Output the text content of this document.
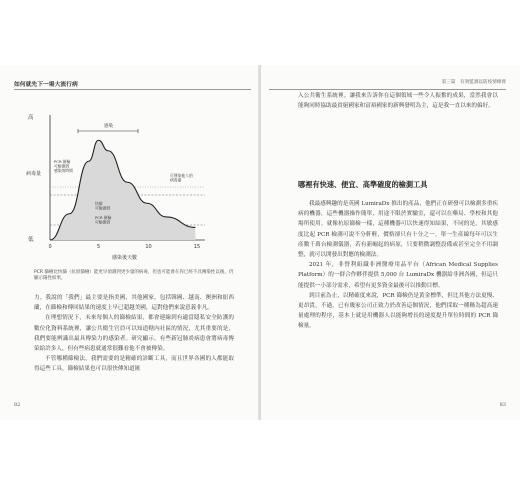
如何就先下一場大流行病
高
病毒量
低
感染
PCR 篩檢可檢測到感染的時間
快篩可檢測到
PCR 篩檢可檢測到
可傳染他人的病毒量
0	5	10	15
感染後天數
PCR 篩檢比快篩（抗原篩檢）能更早偵測到更少量的病毒，但也可能會在你已經不具傳染性以後，仍顯示陽性結果。

力。我說的「我們」最主要是指美國，其他國家，包括韓國、越南、澳洲和紐西蘭，在篩檢和傳回結果的速度上早已超越美國，這對他們來說意義非凡。

在理想情況下，未來每個人的篩檢結果，都會連線到有適當隱私安全防護的數位化資料系統裡，讓公共衛生官員可以知道轄內社區的情況，尤其重要的是，我們要能辨識出最具傳染力的感染者。研究顯示，有些新冠肺炎病患會將病毒傳染給許多人，但有些病患就通常很難看他不會被傳染。

不管哪種篩檢法，我們需要的是精確的診斷工具，而且世界各國的人都能取得這些工具，篩檢結果也可以很快傳知道匯

82
第三篇　有效監測以防疫情爆發

入公共衛生系統裡。讓我來告訴你在這個領域一些令人振奮的成果，當然我會以能夠同時協助最貧窮國家和富裕國家的新興發明為主，這是我一直以來的偏好。

哪裡有快速、便宜、高準確度的檢測工具

我最感興趣的是英國 LumiraDx 推出的產品，他們正在研發可以檢測多重疾病的機器，這些機器操作簡單，用途不限於實驗室，還可以在藥局、學校和其他場所使用。就像抗原篩檢一樣，這種機器可以快速得知結果，不同的是，其敏感度比起 PCR 檢測可說不分軒輊，價格卻只有十分之一。單一生產線每年可以生產數千萬台檢測儀器，若有新崛起的病原，只要稍微調整設備或甚至完全不用調整，就可以開發出對應的檢測法。

2021 年，非營利組織非洲醫療用品平台（African Medical Supplies Platform）的一群合作夥伴提供 5,000 台 LumiraDx 機器給非洲各國，但這只能提供一小部分需求，希望有更多資金最後可以推動目標。

到目前為止，以精確度來說，PCR 篩檢仍是黃金標準，但比其他方法更慢、更昂貴，不過，已有幾家公司正致力於改善這個情況，他們採取一種稱為超高速量處理的程序，基本上就是用機器人以能夠增長的速度提升單位時間的 PCR 篩檢量。

83
